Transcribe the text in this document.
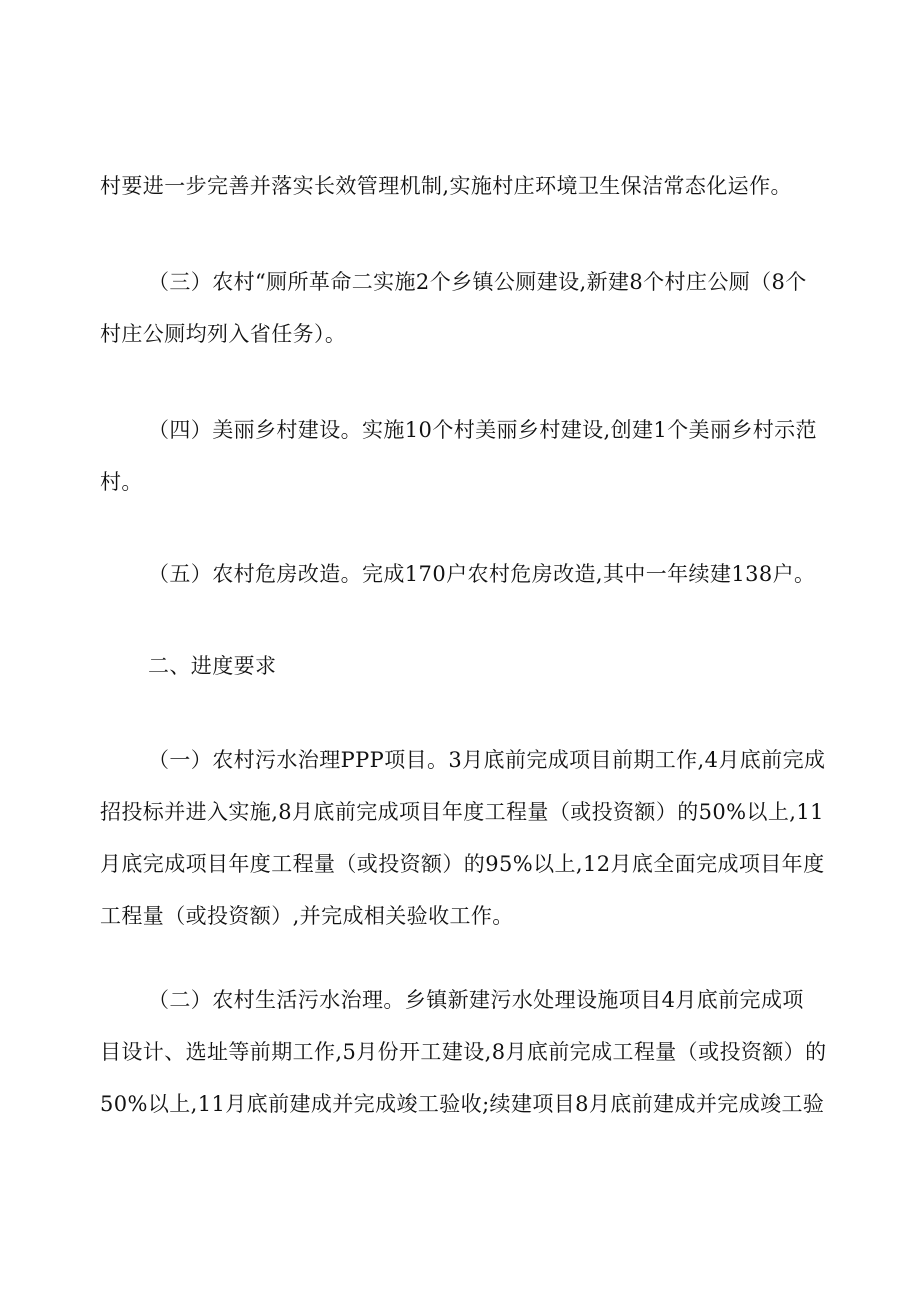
村要进一步完善并落实长效管理机制,实施村庄环境卫生保洁常态化运作。
（三）农村“厕所革命二实施2个乡镇公厕建设,新建8个村庄公厕（8个
村庄公厕均列入省任务）。
（四）美丽乡村建设。实施10个村美丽乡村建设,创建1个美丽乡村示范
村。
（五）农村危房改造。完成170户农村危房改造,其中一年续建138户。
二、进度要求
（一）农村污水治理PPP项目。3月底前完成项目前期工作,4月底前完成
招投标并进入实施,8月底前完成项目年度工程量（或投资额）的50%以上,11
月底完成项目年度工程量（或投资额）的95%以上,12月底全面完成项目年度
工程量（或投资额）,并完成相关验收工作。
（二）农村生活污水治理。乡镇新建污水处理设施项目4月底前完成项
目设计、选址等前期工作,5月份开工建设,8月底前完成工程量（或投资额）的
50%以上,11月底前建成并完成竣工验收;续建项目8月底前建成并完成竣工验
